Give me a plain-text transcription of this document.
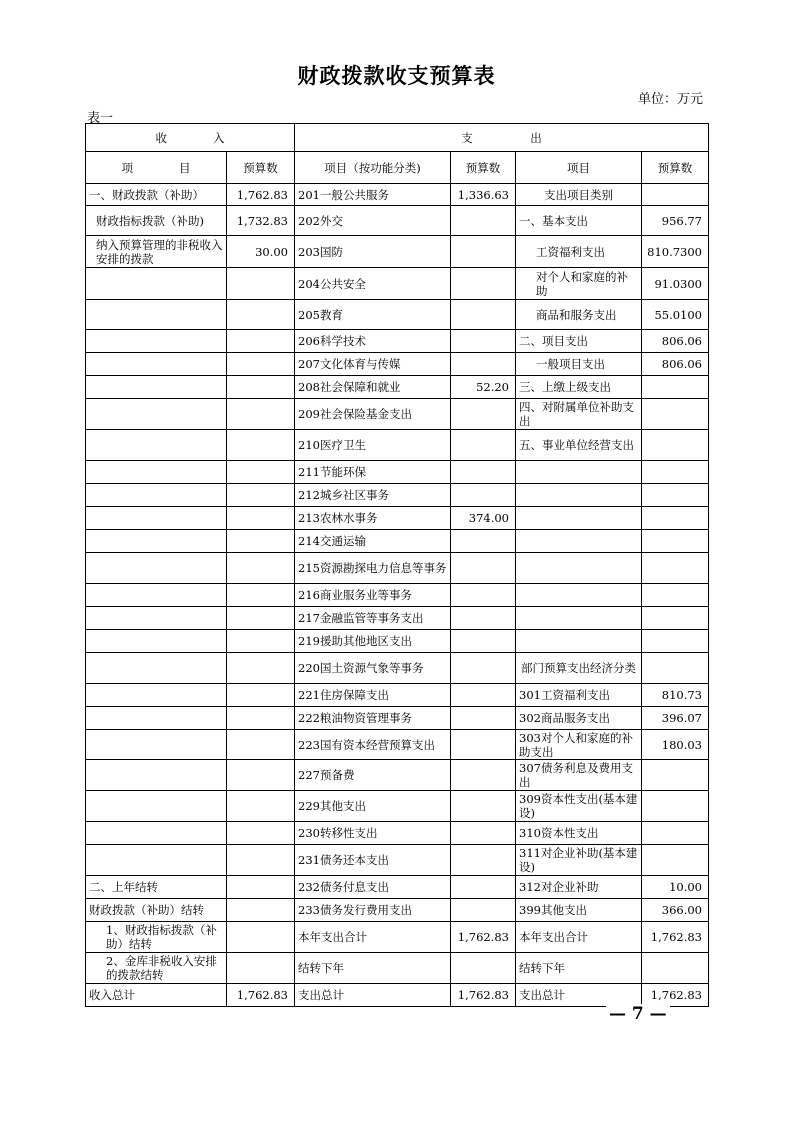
财政拨款收支预算表
单位：万元
表一
收　　　　入		支　　　　　出			
项　　　　目	预算数	项目（按功能分类)	预算数	项目	预算数
一、财政拨款（补助）	1,762.83	201一般公共服务	1,336.63	支出项目类别	
财政指标拨款（补助)	1,732.83	202外交		一、基本支出	956.77
纳入预算管理的非税收入安排的拨款	30.00	203国防		工资福利支出	810.7300
		204公共安全		对个人和家庭的补助	91.0300
		205教育		商品和服务支出	55.0100
		206科学技术		二、项目支出	806.06
		207文化体育与传媒		一般项目支出	806.06
		208社会保障和就业	52.20	三、上缴上级支出	
		209社会保险基金支出		四、对附属单位补助支出	
		210医疗卫生		五、事业单位经营支出	
		211节能环保			
		212城乡社区事务			
		213农林水事务	374.00		
		214交通运输			
		215资源勘探电力信息等事务			
		216商业服务业等事务			
		217金融监管等事务支出			
		219援助其他地区支出			
		220国土资源气象等事务		部门预算支出经济分类	
		221住房保障支出		301工资福利支出	810.73
		222粮油物资管理事务		302商品服务支出	396.07
		223国有资本经营预算支出		303对个人和家庭的补助支出	180.03
		227预备费		307债务利息及费用支出	
		229其他支出		309资本性支出(基本建设)	
		230转移性支出		310资本性支出	
		231债务还本支出		311对企业补助(基本建设)	
二、上年结转		232债务付息支出		312对企业补助	10.00
财政拨款（补助）结转		233债务发行费用支出		399其他支出	366.00
1、财政指标拨款（补助）结转		本年支出合计	1,762.83	本年支出合计	1,762.83
2、金库非税收入安排的拨款结转		结转下年		结转下年	
收入总计	1,762.83	支出总计	1,762.83	支出总计	1,762.83
— 7 —
